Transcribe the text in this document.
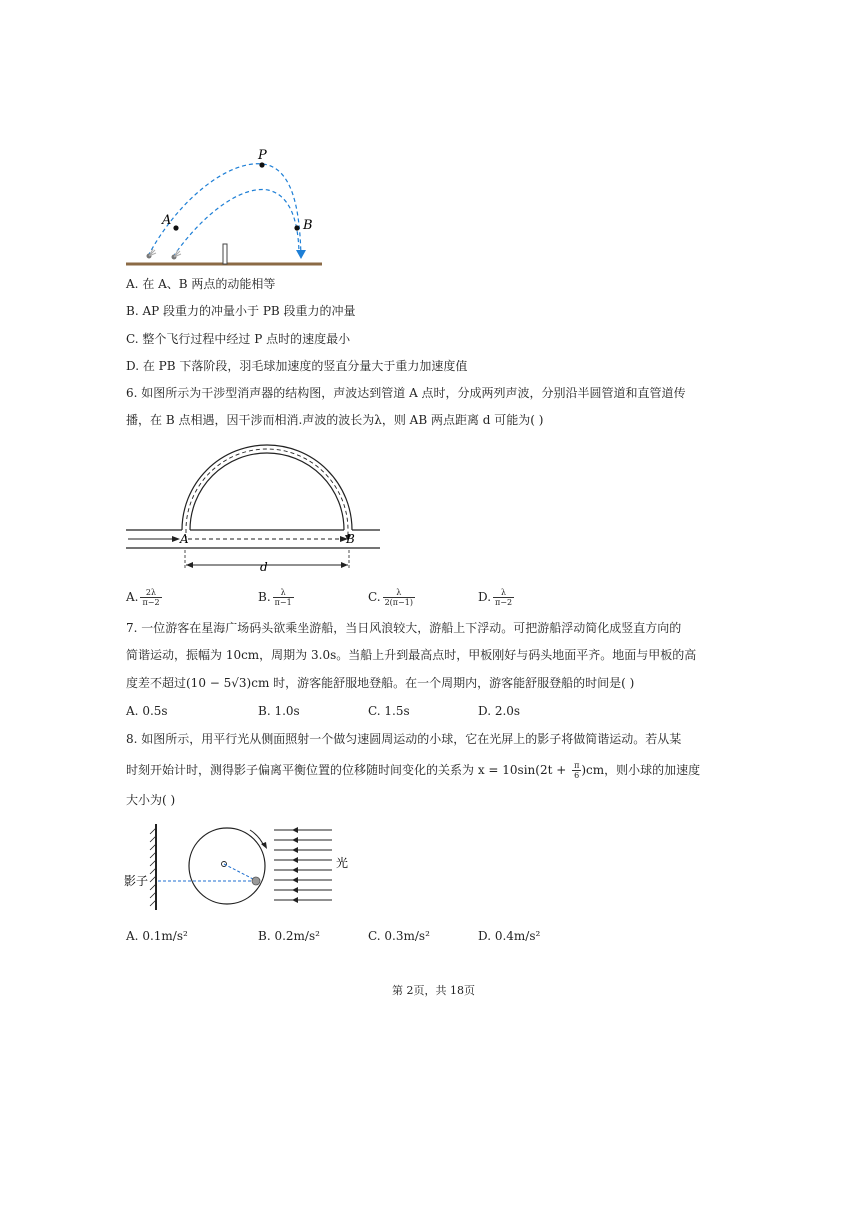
A
P
B
A. 在 A、B 两点的动能相等
B. AP 段重力的冲量小于 PB 段重力的冲量
C. 整个飞行过程中经过 P 点时的速度最小
D. 在 PB 下落阶段，羽毛球加速度的竖直分量大于重力加速度值
6. 如图所示为干涉型消声器的结构图，声波达到管道 A 点时，分成两列声波，分别沿半圆管道和直管道传
播，在 B 点相遇，因干涉而相消.声波的波长为λ，则 AB 两点距离 d 可能为( )
A	B
d
A. $\frac{2\lambda}{\pi-2}$	B. $\frac{\lambda}{\pi-1}$	C. $\frac{\lambda}{2(\pi-1)}$	D. $\frac{\lambda}{\pi-2}$
7. 一位游客在星海广场码头欲乘坐游船，当日风浪较大，游船上下浮动。可把游船浮动简化成竖直方向的
简谐运动，振幅为 10cm，周期为 3.0s。当船上升到最高点时，甲板刚好与码头地面平齐。地面与甲板的高
度差不超过(10 − 5√3)cm 时，游客能舒服地登船。在一个周期内，游客能舒服登船的时间是( )
A. 0.5s	B. 1.0s	C. 1.5s	D. 2.0s
8. 如图所示，用平行光从侧面照射一个做匀速圆周运动的小球，它在光屏上的影子将做简谐运动。若从某
时刻开始计时，测得影子偏离平衡位置的位移随时间变化的关系为 $x = 10\sin(2t + \frac{\pi}{6} )cm$，则小球的加速度
大小为( )
影子
光
A. 0.1m/s²	B. 0.2m/s²	C. 0.3m/s²	D. 0.4m/s²
第 2页，共 18页
